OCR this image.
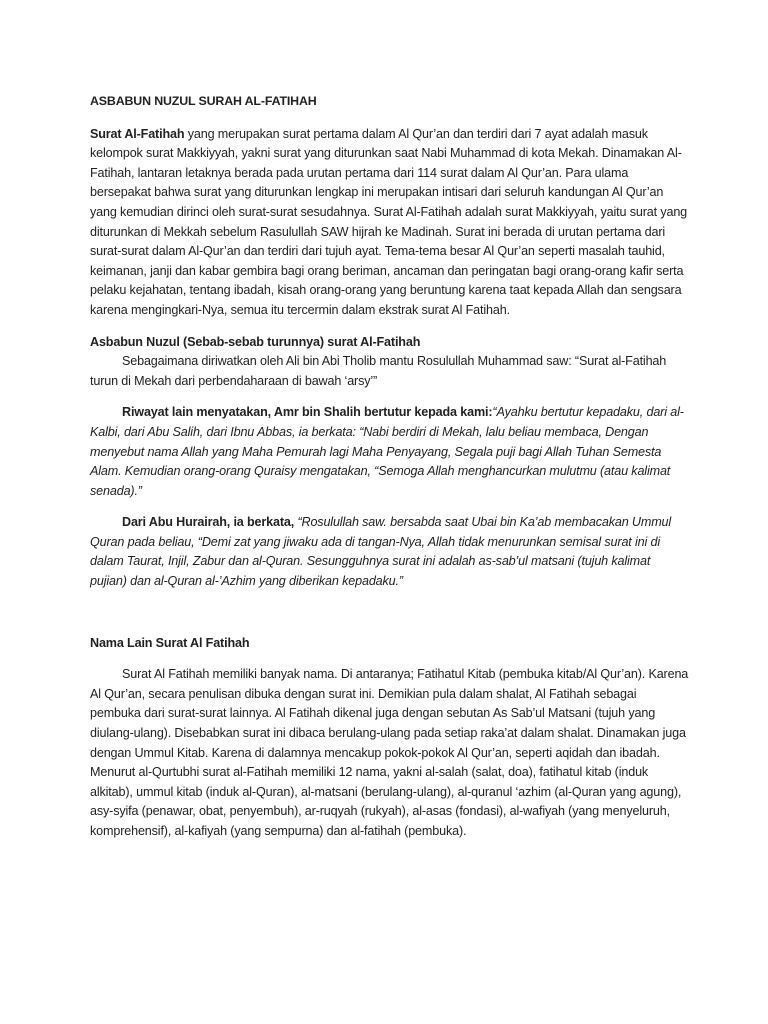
ASBABUN NUZUL SURAH AL-FATIHAH

Surat Al-Fatihah yang merupakan surat pertama dalam Al Qur’an dan terdiri dari 7 ayat adalah masuk kelompok surat Makkiyyah, yakni surat yang diturunkan saat Nabi Muhammad di kota Mekah. Dinamakan Al-Fatihah, lantaran letaknya berada pada urutan pertama dari 114 surat dalam Al Qur’an. Para ulama bersepakat bahwa surat yang diturunkan lengkap ini merupakan intisari dari seluruh kandungan Al Qur’an yang kemudian dirinci oleh surat-surat sesudahnya. Surat Al-Fatihah adalah surat Makkiyyah, yaitu surat yang diturunkan di Mekkah sebelum Rasulullah SAW hijrah ke Madinah. Surat ini berada di urutan pertama dari surat-surat dalam Al-Qur’an dan terdiri dari tujuh ayat. Tema-tema besar Al Qur’an seperti masalah tauhid, keimanan, janji dan kabar gembira bagi orang beriman, ancaman dan peringatan bagi orang-orang kafir serta pelaku kejahatan, tentang ibadah, kisah orang-orang yang beruntung karena taat kepada Allah dan sengsara karena mengingkari-Nya, semua itu tercermin dalam ekstrak surat Al Fatihah.

Asbabun Nuzul (Sebab-sebab turunnya) surat Al-Fatihah

Sebagaimana diriwatkan oleh Ali bin Abi Tholib mantu Rosulullah Muhammad saw: “Surat al-Fatihah turun di Mekah dari perbendaharaan di bawah ‘arsy’”

Riwayat lain menyatakan, Amr bin Shalih bertutur kepada kami:“Ayahku bertutur kepadaku, dari al-Kalbi, dari Abu Salih, dari Ibnu Abbas, ia berkata: “Nabi berdiri di Mekah, lalu beliau membaca, Dengan menyebut nama Allah yang Maha Pemurah lagi Maha Penyayang, Segala puji bagi Allah Tuhan Semesta Alam. Kemudian orang-orang Quraisy mengatakan, “Semoga Allah menghancurkan mulutmu (atau kalimat senada).”

Dari Abu Hurairah, ia berkata, “Rosulullah saw. bersabda saat Ubai bin Ka’ab membacakan Ummul Quran pada beliau, “Demi zat yang jiwaku ada di tangan-Nya, Allah tidak menurunkan semisal surat ini di dalam Taurat, Injil, Zabur dan al-Quran. Sesungguhnya surat ini adalah as-sab’ul matsani (tujuh kalimat pujian) dan al-Quran al-’Azhim yang diberikan kepadaku.”

Nama Lain Surat Al Fatihah

Surat Al Fatihah memiliki banyak nama. Di antaranya; Fatihatul Kitab (pembuka kitab/Al Qur’an). Karena Al Qur’an, secara penulisan dibuka dengan surat ini. Demikian pula dalam shalat, Al Fatihah sebagai pembuka dari surat-surat lainnya. Al Fatihah dikenal juga dengan sebutan As Sab’ul Matsani (tujuh yang diulang-ulang). Disebabkan surat ini dibaca berulang-ulang pada setiap raka’at dalam shalat. Dinamakan juga dengan Ummul Kitab. Karena di dalamnya mencakup pokok-pokok Al Qur’an, seperti aqidah dan ibadah. Menurut al-Qurtubhi surat al-Fatihah memiliki 12 nama, yakni al-salah (salat, doa), fatihatul kitab (induk alkitab), ummul kitab (induk al-Quran), al-matsani (berulang-ulang), al-quranul ‘azhim (al-Quran yang agung), asy-syifa (penawar, obat, penyembuh), ar-ruqyah (rukyah), al-asas (fondasi), al-wafiyah (yang menyeluruh, komprehensif), al-kafiyah (yang sempurna) dan al-fatihah (pembuka).
